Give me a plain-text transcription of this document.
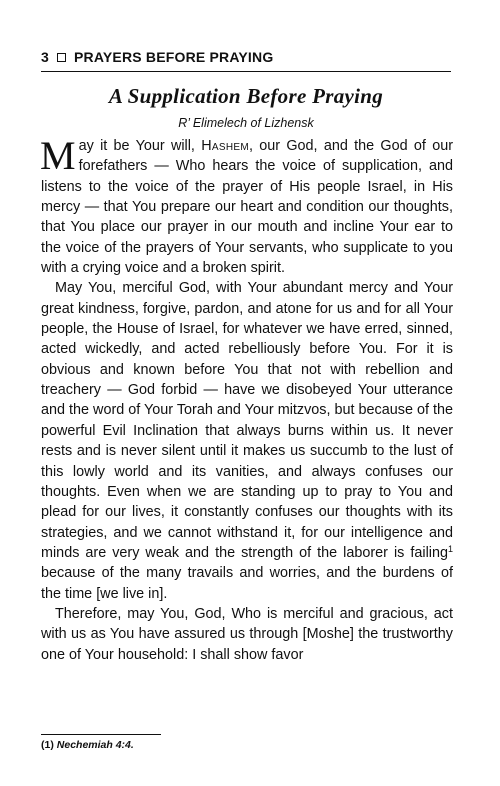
3 PRAYERS BEFORE PRAYING
A Supplication Before Praying
R’ Elimelech of Lizhensk

May it be Your will, Hashem, our God, and the God of our forefathers — Who hears the voice of supplication, and listens to the voice of the prayer of His people Israel, in His mercy — that You prepare our heart and condition our thoughts, that You place our prayer in our mouth and incline Your ear to the voice of the prayers of Your servants, who supplicate to you with a crying voice and a broken spirit.

May You, merciful God, with Your abundant mercy and Your great kindness, forgive, pardon, and atone for us and for all Your people, the House of Israel, for whatever we have erred, sinned, acted wickedly, and acted rebelliously before You. For it is obvious and known before You that not with rebellion and treachery — God forbid — have we disobeyed Your utterance and the word of Your Torah and Your mitzvos, but because of the powerful Evil Inclination that always burns within us. It never rests and is never silent until it makes us succumb to the lust of this lowly world and its vanities, and always confuses our thoughts. Even when we are standing up to pray to You and plead for our lives, it constantly confuses our thoughts with its strategies, and we cannot withstand it, for our intelligence and minds are very weak and the strength of the laborer is failing$^1$ because of the many travails and worries, and the burdens of the time [we live in].

Therefore, may You, God, Who is merciful and gracious, act with us as You have assured us through [Moshe] the trustworthy one of Your household: I shall show favor

(1) Nechemiah 4:4.
